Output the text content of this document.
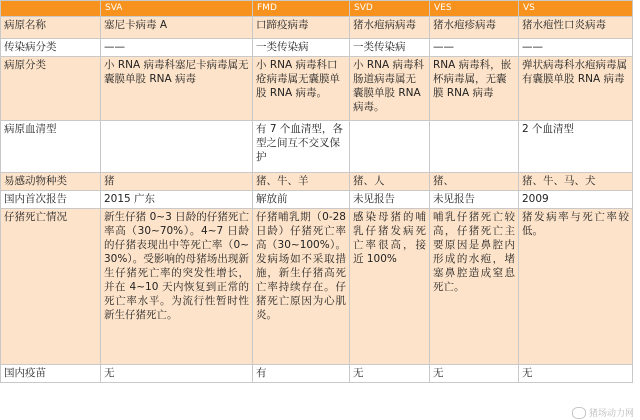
	SVA	FMD	SVD	VES	VS
病原名称	塞尼卡病毒 A	口蹄疫病毒	猪水疱病病毒	猪水疱疹病毒	猪水疱性口炎病毒
传染病分类	——	一类传染病	一类传染病	——	——
病原分类	小 RNA 病毒科塞尼卡病毒属无囊膜单股 RNA 病毒	小 RNA 病毒科口疮病毒属无囊膜单股 RNA 病毒。	小 RNA 病毒科肠道病毒属无囊膜单股 RNA 病毒。	RNA 病毒科，嵌杯病毒属，无囊膜 RNA 病毒	弹状病毒科水疱病毒属有囊膜单股 RNA 病毒
病原血清型		有 7 个血清型，各型之间互不交叉保护			2 个血清型
易感动物种类	猪	猪、牛、羊	猪、人	猪、	猪、牛、马、犬
国内首次报告	2015 广东	解放前	未见报告	未见报告	2009
仔猪死亡情况	新生仔猪 0~3 日龄的仔猪死亡率高（30~70%）。4~7 日龄的仔猪表现出中等死亡率（0~30%）。受影响的母猪场出现新生仔猪死亡率的突发性增长，并在 4~10 天内恢复到正常的死亡率水平。为流行性暂时性新生仔猪死亡。	仔猪哺乳期（0-28 日龄）仔猪死亡率高（30~100%）。发病场如不采取措施，新生仔猪高死亡率持续存在。仔猪死亡原因为心肌炎。	感染母猪的哺乳仔猪发病死亡率很高，接近 100%	哺乳仔猪死亡较高，仔猪死亡主要原因是鼻腔内形成的水疱，堵塞鼻腔造成窒息死亡。	猪发病率与死亡率较低。
国内疫苗	无	有	无	无	无
猪场动力网
